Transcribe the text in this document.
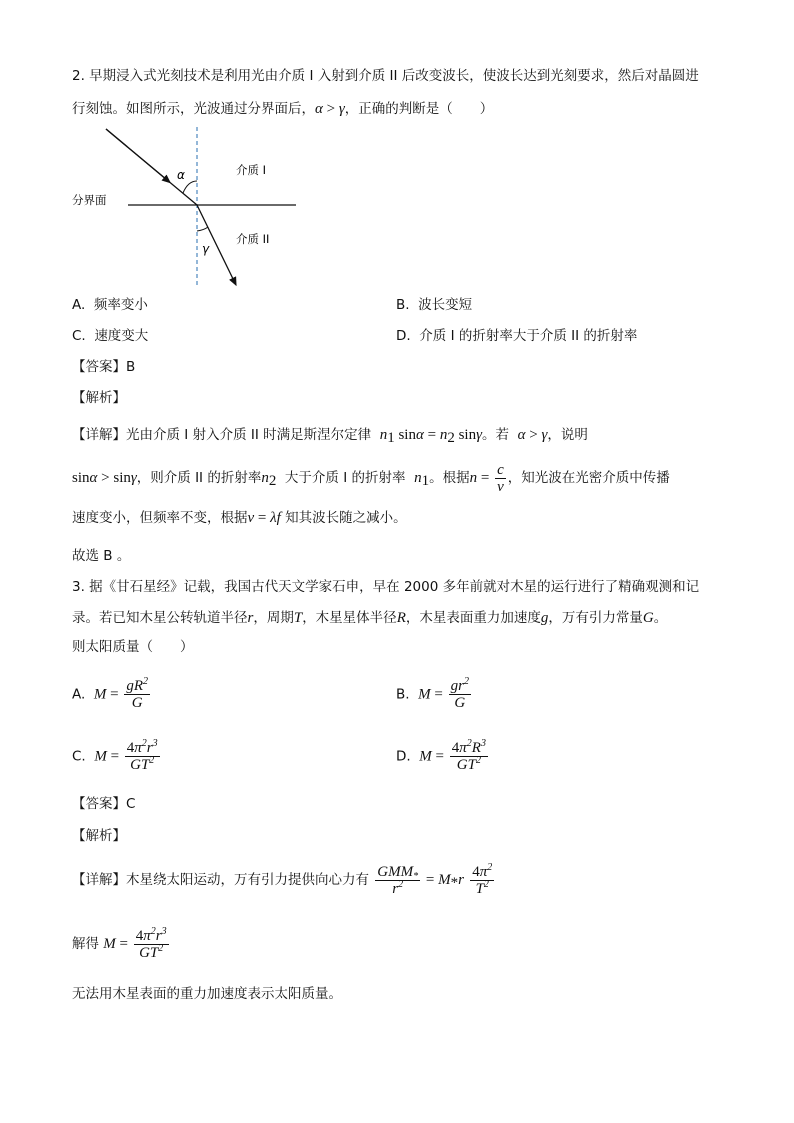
2. 早期浸入式光刻技术是利用光由介质 I 入射到介质 II 后改变波长，使波长达到光刻要求，然后对晶圆进
行刻蚀。如图所示，光波通过分界面后，α > γ，正确的判断是（　　）
α
γ
介质 I
介质 II
分界面
A. 频率变小	B. 波长变短
C. 速度变大	D. 介质 I 的折射率大于介质 II 的折射率
【答案】B
【解析】
【详解】光由介质 I 射入介质 II 时满足斯涅尔定律 $n_1$ $\sin\alpha = n_2$ sinγ。若 α > γ，说明
sinα > sinγ，则介质 II 的折射率$n_2$ 大于介质 I 的折射率 $n_1$。根据$n = \frac{c}{v}$ ，知光波在光密介质中传播
速度变小，但频率不变，根据v = λf 知其波长随之减小。
故选 B 。
3. 据《甘石星经》记载，我国古代天文学家石申，早在 2000 多年前就对木星的运行进行了精确观测和记
录。若已知木星公转轨道半径r，周期T，木星星体半径R，木星表面重力加速度g，万有引力常量G。
则太阳质量（　　）
A. $M = \frac{gR^2}{G}$	B. $M = \frac{gr^2}{G}$
C. $M = \frac{4\pi^2r^3}{GT^2}$	D. $M = \frac{4\pi^2R^3}{GT^2}$
【答案】C
【解析】
【详解】木星绕太阳运动，万有引力提供向心力有 $\frac{GMM_*}{r^2} = M_*r \frac{4\pi^2}{T^2}$
解得 $M = \frac{4\pi^2r^3}{GT^2}$
无法用木星表面的重力加速度表示太阳质量。
